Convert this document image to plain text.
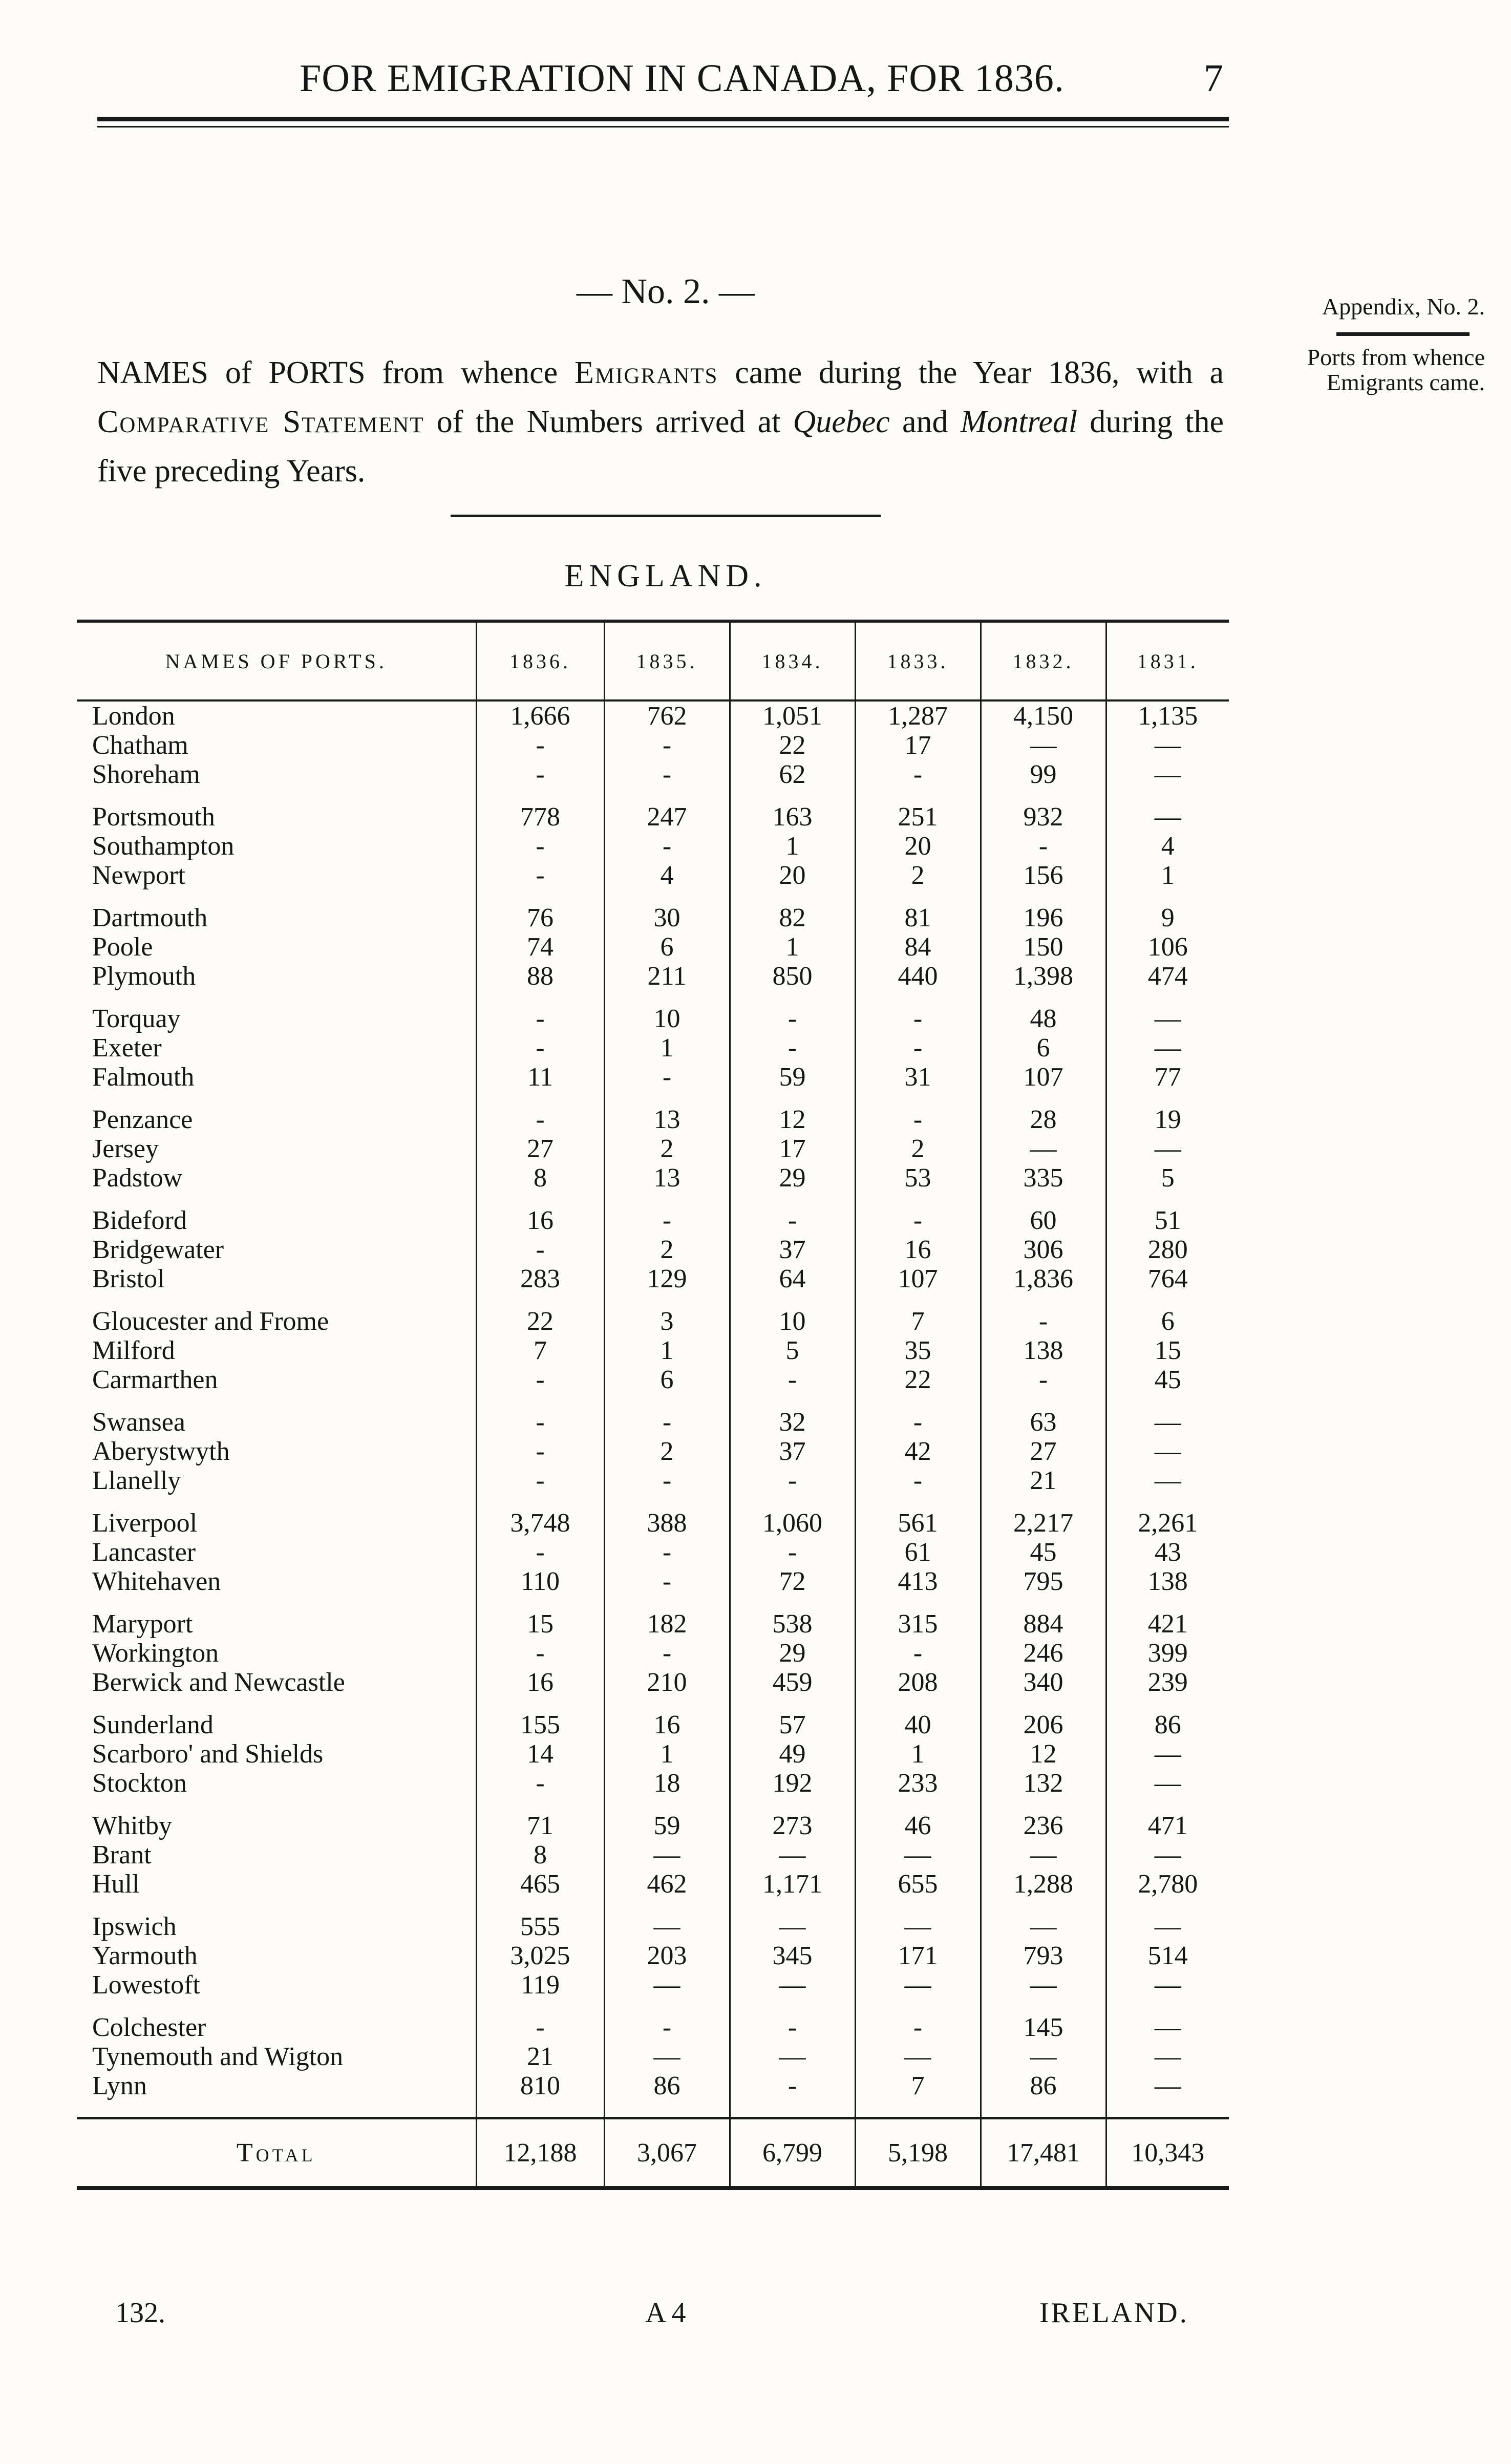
FOR EMIGRATION IN CANADA, FOR 1836.	7
— No. 2. —	Appendix, No. 2.
Ports from whence Emigrants came.
NAMES of PORTS from whence Emigrants came during the Year 1836, with a Comparative Statement of the Numbers arrived at Quebec and Montreal during the five preceding Years.
ENGLAND.
NAMES OF PORTS.	1836.	1835.	1834.	1833.	1832.	1831.
London	1,666	762	1,051	1,287	4,150	1,135
Chatham	-	-	22	17	—	—
Shoreham	-	-	62	-	99	—
Portsmouth	778	247	163	251	932	—
Southampton	-	-	1	20	-	4
Newport	-	4	20	2	156	1
Dartmouth	76	30	82	81	196	9
Poole	74	6	1	84	150	106
Plymouth	88	211	850	440	1,398	474
Torquay	-	10	-	-	48	—
Exeter	-	1	-	-	6	—
Falmouth	11	-	59	31	107	77
Penzance	-	13	12	-	28	19
Jersey	27	2	17	2	—	—
Padstow	8	13	29	53	335	5
Bideford	16	-	-	-	60	51
Bridgewater	-	2	37	16	306	280
Bristol	283	129	64	107	1,836	764
Gloucester and Frome	22	3	10	7	-	6
Milford	7	1	5	35	138	15
Carmarthen	-	6	-	22	-	45
Swansea	-	-	32	-	63	—
Aberystwyth	-	2	37	42	27	—
Llanelly	-	-	-	-	21	—
Liverpool	3,748	388	1,060	561	2,217	2,261
Lancaster	-	-	-	61	45	43
Whitehaven	110	-	72	413	795	138
Maryport	15	182	538	315	884	421
Workington	-	-	29	-	246	399
Berwick and Newcastle	16	210	459	208	340	239
Sunderland	155	16	57	40	206	86
Scarboro' and Shields	14	1	49	1	12	—
Stockton	-	18	192	233	132	—
Whitby	71	59	273	46	236	471
Brant	8	—	—	—	—	—
Hull	465	462	1,171	655	1,288	2,780
Ipswich	555	—	—	—	—	—
Yarmouth	3,025	203	345	171	793	514
Lowestoft	119	—	—	—	—	—
Colchester	-	-	-	-	145	—
Tynemouth and Wigton	21	—	—	—	—	—
Lynn	810	86	-	7	86	—

Total	12,188	3,067	6,799	5,198	17,481	10,343
132.	A 4	IRELAND.
